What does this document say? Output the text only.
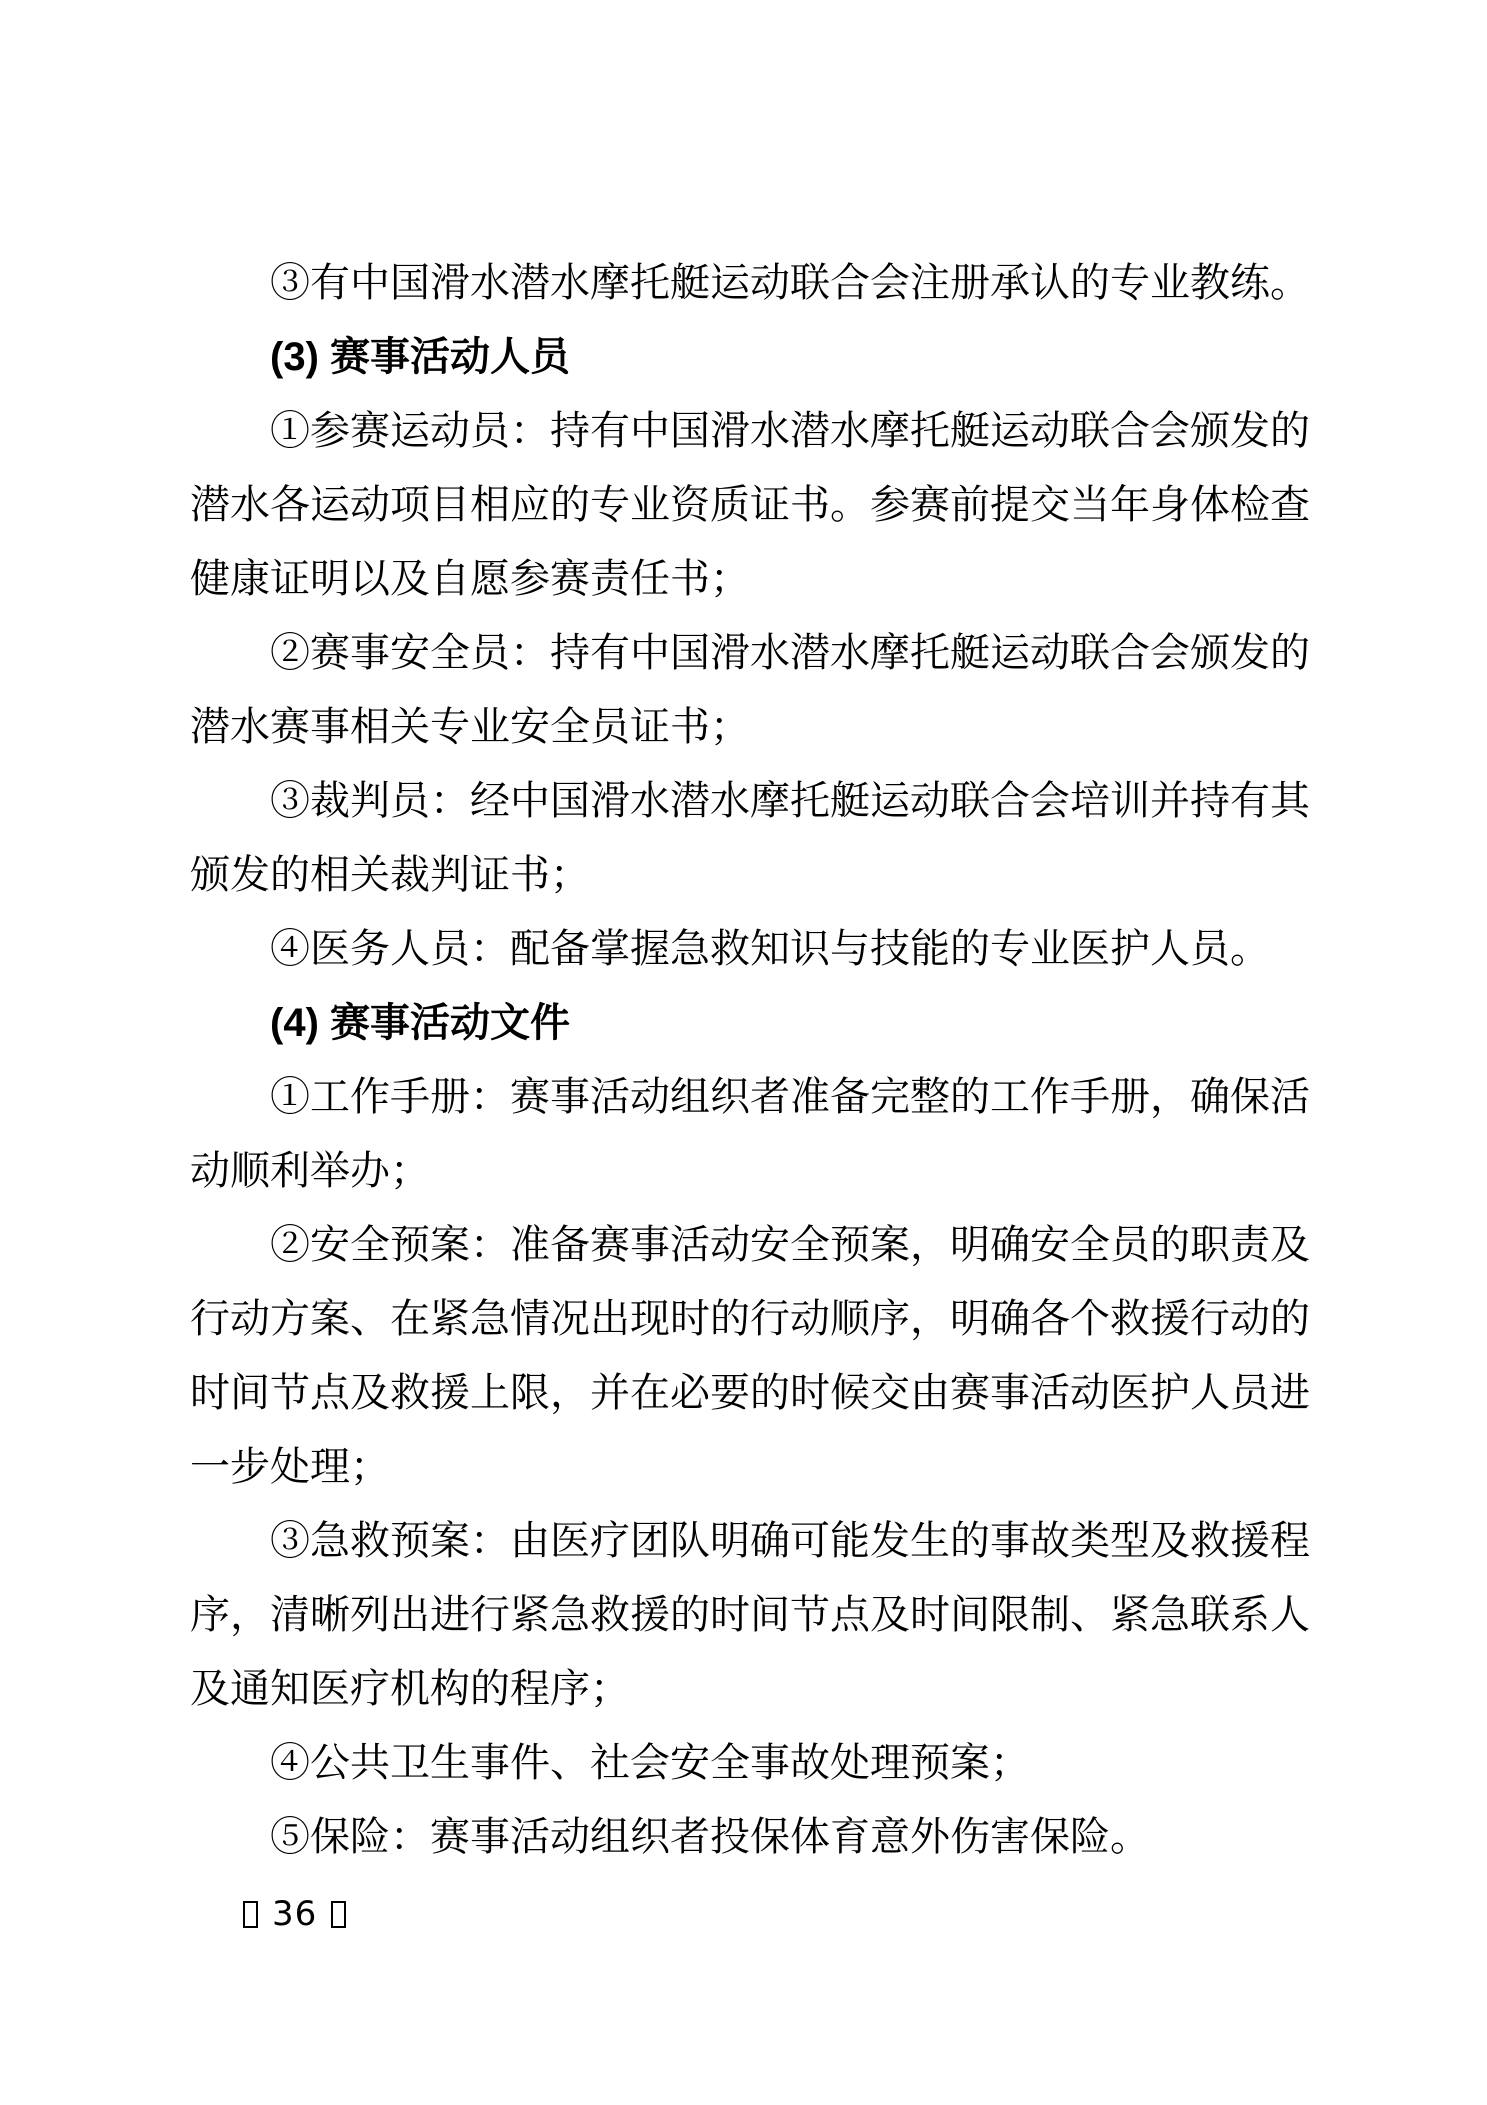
③有中国滑水潜水摩托艇运动联合会注册承认的专业教练。
(3) 赛事活动人员
①参赛运动员：持有中国滑水潜水摩托艇运动联合会颁发的
潜水各运动项目相应的专业资质证书。参赛前提交当年身体检查
健康证明以及自愿参赛责任书；
②赛事安全员：持有中国滑水潜水摩托艇运动联合会颁发的
潜水赛事相关专业安全员证书；
③裁判员：经中国滑水潜水摩托艇运动联合会培训并持有其
颁发的相关裁判证书；
④医务人员：配备掌握急救知识与技能的专业医护人员。
(4) 赛事活动文件
①工作手册：赛事活动组织者准备完整的工作手册，确保活
动顺利举办；
②安全预案：准备赛事活动安全预案，明确安全员的职责及
行动方案、在紧急情况出现时的行动顺序，明确各个救援行动的
时间节点及救援上限，并在必要的时候交由赛事活动医护人员进
一步处理；
③急救预案：由医疗团队明确可能发生的事故类型及救援程
序，清晰列出进行紧急救援的时间节点及时间限制、紧急联系人
及通知医疗机构的程序；
④公共卫生事件、社会安全事故处理预案；
⑤保险：赛事活动组织者投保体育意外伤害保险。
36
